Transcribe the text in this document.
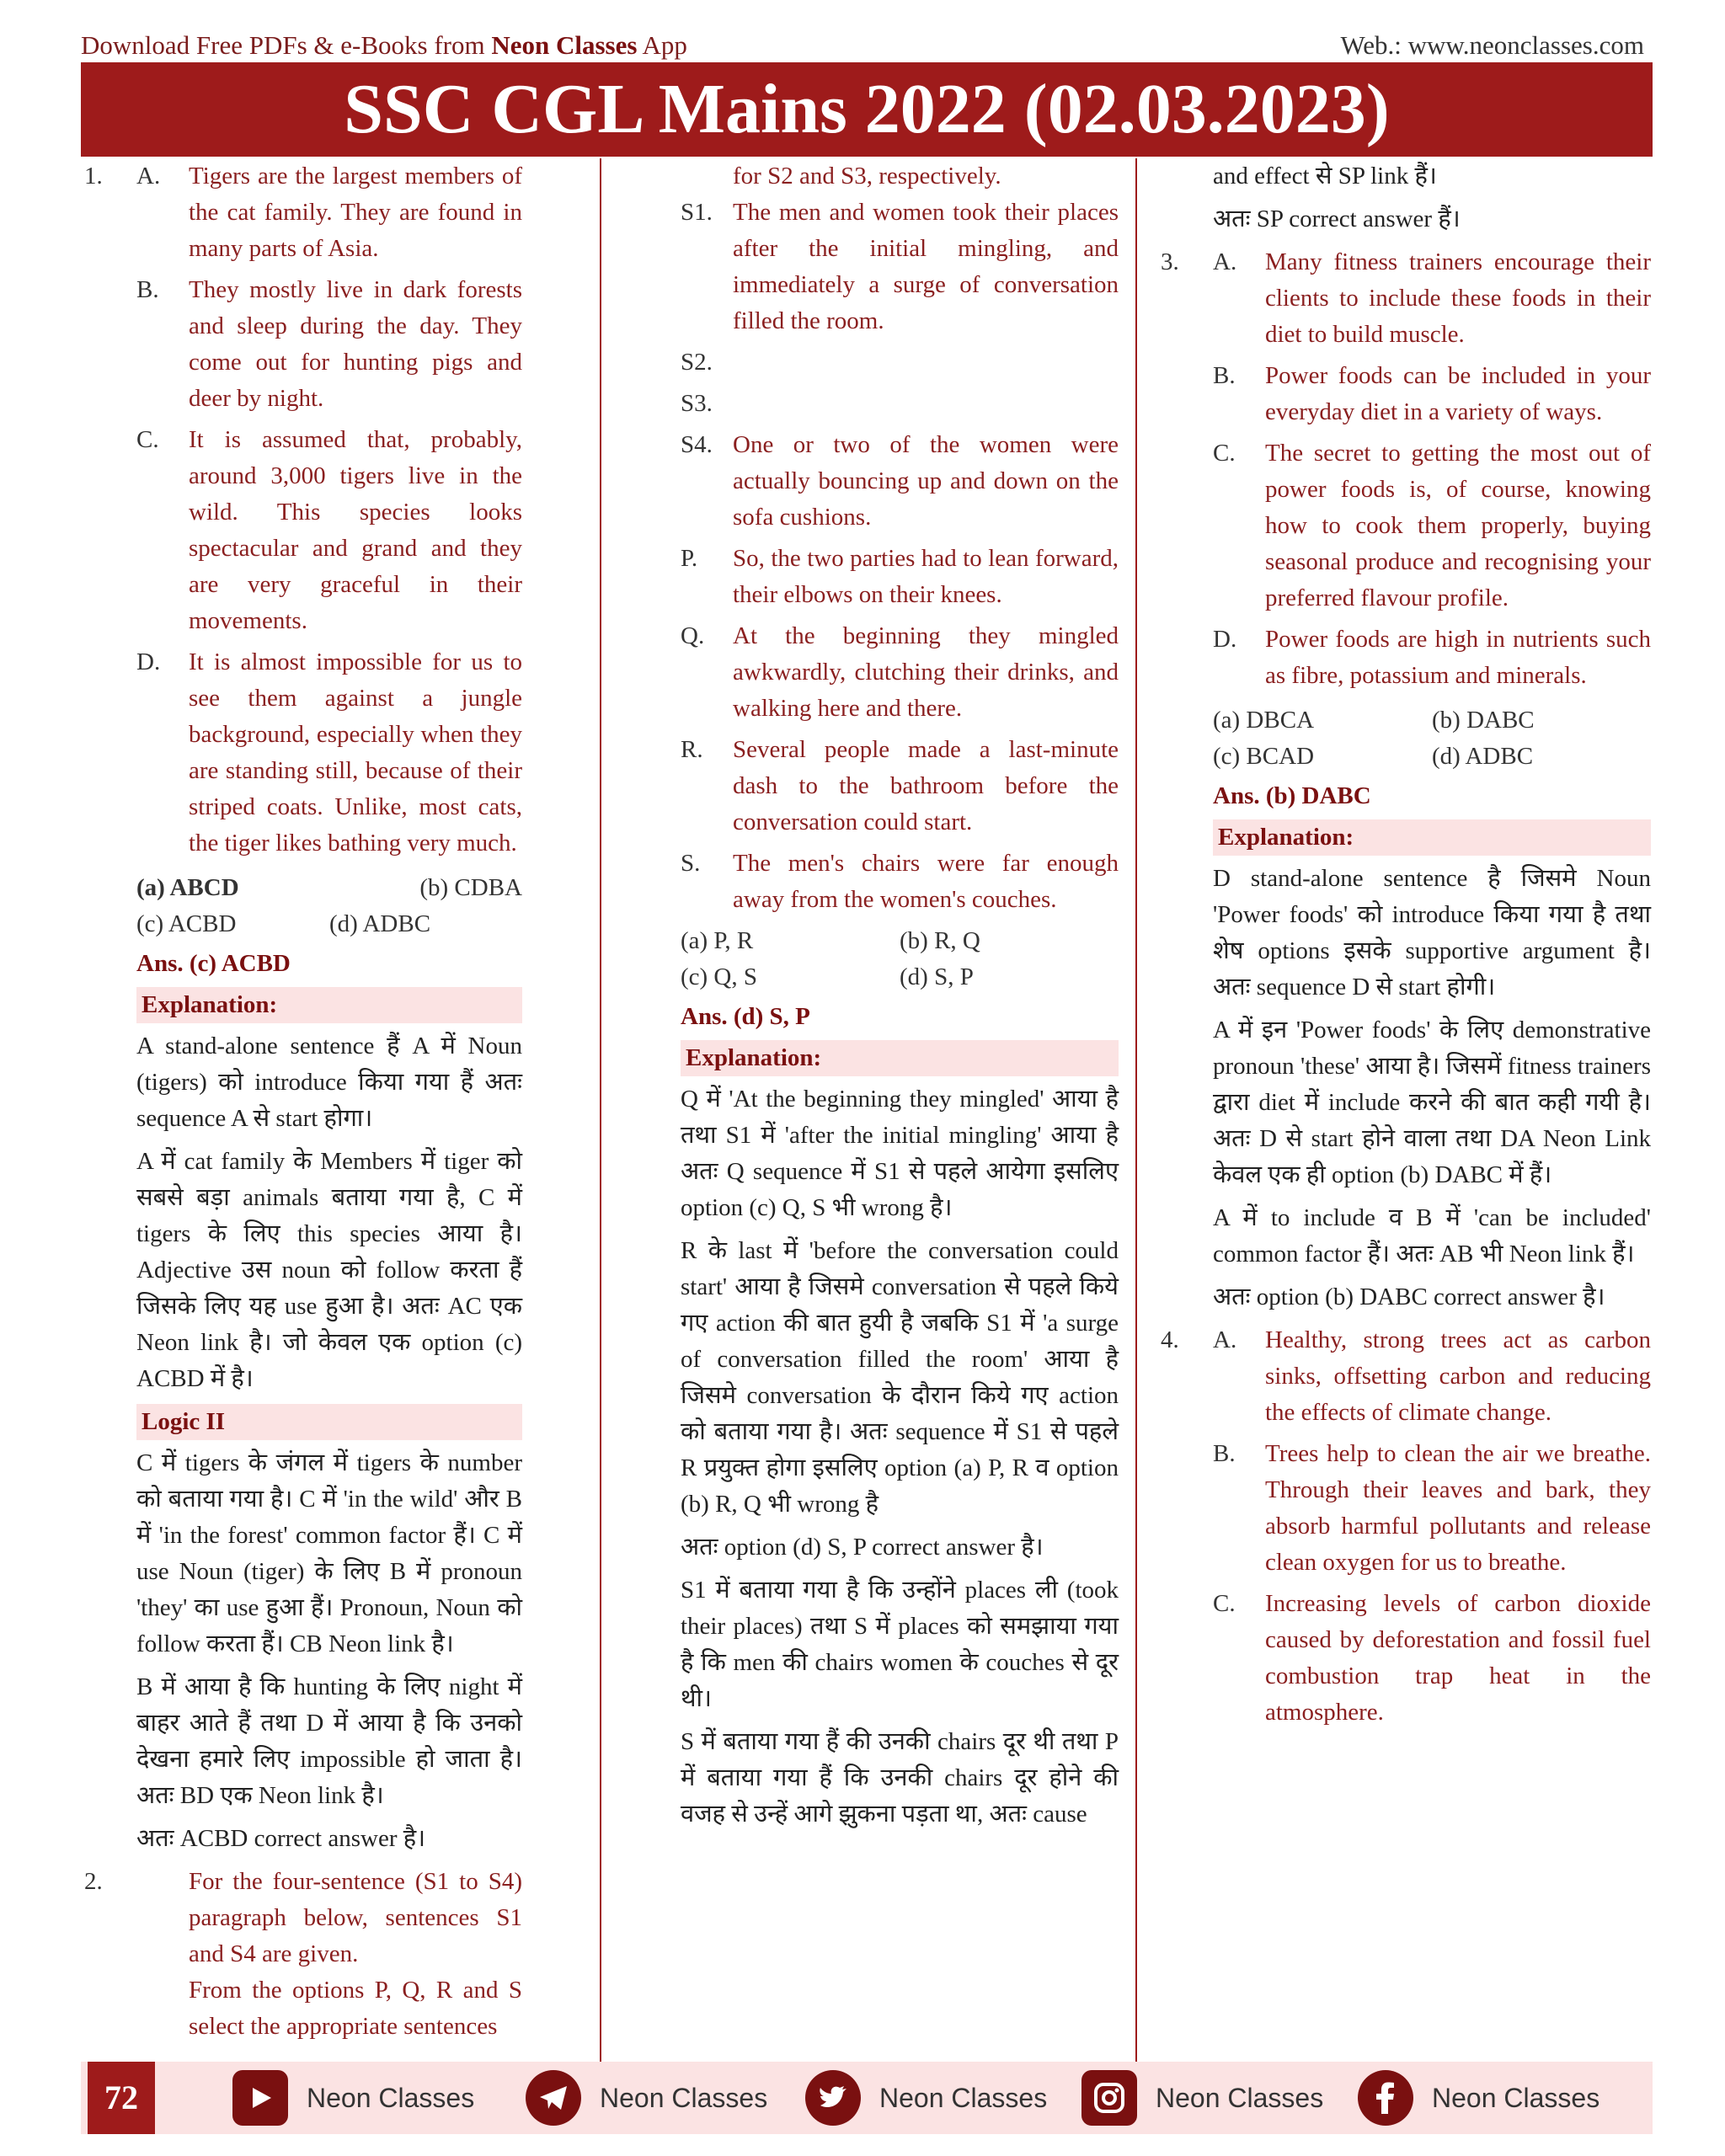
Download Free PDFs & e-Books from Neon Classes App	Web.: www.neonclasses.com
SSC CGL Mains 2022 (02.03.2023)
1.	A.	Tigers are the largest members of the cat family. They are found in many parts of Asia.
B.	They mostly live in dark forests and sleep during the day. They come out for hunting pigs and deer by night.
C.	It is assumed that, probably, around 3,000 tigers live in the wild. This species looks spectacular and grand and they are very graceful in their movements.
D.	It is almost impossible for us to see them against a jungle background, especially when they are standing still, because of their striped coats. Unlike, most cats, the tiger likes bathing very much.
(a) ABCD	(b) CDBA
(c) ACBD	(d) ADBC
Ans. (c) ACBD
Explanation:
A stand-alone sentence हैं A में Noun (tigers) को introduce किया गया हैं अतः sequence A से start होगा।
A में cat family के Members में tiger को सबसे बड़ा animals बताया गया है, C में tigers के लिए this species आया है। Adjective उस noun को follow करता हैं जिसके लिए यह use हुआ है। अतः AC एक Neon link है। जो केवल एक option (c) ACBD में है।
Logic II
C में tigers के जंगल में tigers के number को बताया गया है। C में 'in the wild' और B में 'in the forest' common factor हैं। C में use Noun (tiger) के लिए B में pronoun 'they' का use हुआ हैं। Pronoun, Noun को follow करता हैं। CB Neon link है।
B में आया है कि hunting के लिए night में बाहर आते हैं तथा D में आया है कि उनको देखना हमारे लिए impossible हो जाता है। अतः BD एक Neon link है।
अतः ACBD correct answer है।
2.	For the four-sentence (S1 to S4) paragraph below, sentences S1 and S4 are given.
From the options P, Q, R and S select the appropriate sentences
for S2 and S3, respectively.
S1. The men and women took their places after the initial mingling, and immediately a surge of conversation filled the room.
S2.
S3.
S4. One or two of the women were actually bouncing up and down on the sofa cushions.
P.	So, the two parties had to lean forward, their elbows on their knees.
Q.	At the beginning they mingled awkwardly, clutching their drinks, and walking here and there.
R.	Several people made a last-minute dash to the bathroom before the conversation could start.
S.	The men's chairs were far enough away from the women's couches.
(a) P, R	(b) R, Q
(c) Q, S	(d) S, P
Ans. (d) S, P
Explanation:
Q में 'At the beginning they mingled' आया है तथा S1 में 'after the initial mingling' आया है अतः Q sequence में S1 से पहले आयेगा इसलिए option (c) Q, S भी wrong है।
R के last में 'before the conversation could start' आया है जिसमे conversation से पहले किये गए action की बात हुयी है जबकि S1 में 'a surge of conversation filled the room' आया है जिसमे conversation के दौरान किये गए action को बताया गया है। अतः sequence में S1 से पहले R प्रयुक्त होगा इसलिए option (a) P, R व option (b) R, Q भी wrong है
अतः option (d) S, P correct answer है।
S1 में बताया गया है कि उन्होंने places ली (took their places) तथा S में places को समझाया गया है कि men की chairs women के couches से दूर थी।
S में बताया गया हैं की उनकी chairs दूर थी तथा P में बताया गया हैं कि उनकी chairs दूर होने की वजह से उन्हें आगे झुकना पड़ता था, अतः cause
and effect से SP link हैं।
अतः SP correct answer हैं।
3.	A.	Many fitness trainers encourage their clients to include these foods in their diet to build muscle.
B.	Power foods can be included in your everyday diet in a variety of ways.
C.	The secret to getting the most out of power foods is, of course, knowing how to cook them properly, buying seasonal produce and recognising your preferred flavour profile.
D.	Power foods are high in nutrients such as fibre, potassium and minerals.
(a) DBCA	(b) DABC
(c) BCAD	(d) ADBC
Ans. (b) DABC
Explanation:
D stand-alone sentence है जिसमे Noun 'Power foods' को introduce किया गया है तथा शेष options इसके supportive argument है। अतः sequence D से start होगी।
A में इन 'Power foods' के लिए demonstrative pronoun 'these' आया है। जिसमें fitness trainers द्वारा diet में include करने की बात कही गयी है। अतः D से start होने वाला तथा DA Neon Link केवल एक ही option (b) DABC में हैं।
A में to include व B में 'can be included' common factor हैं। अतः AB भी Neon link हैं।
अतः option (b) DABC correct answer है।
4.	A.	Healthy, strong trees act as carbon sinks, offsetting carbon and reducing the effects of climate change.
B.	Trees help to clean the air we breathe. Through their leaves and bark, they absorb harmful pollutants and release clean oxygen for us to breathe.
C.	Increasing levels of carbon dioxide caused by deforestation and fossil fuel combustion trap heat in the atmosphere.
72	Neon Classes	Neon Classes	Neon Classes	Neon Classes	Neon Classes
